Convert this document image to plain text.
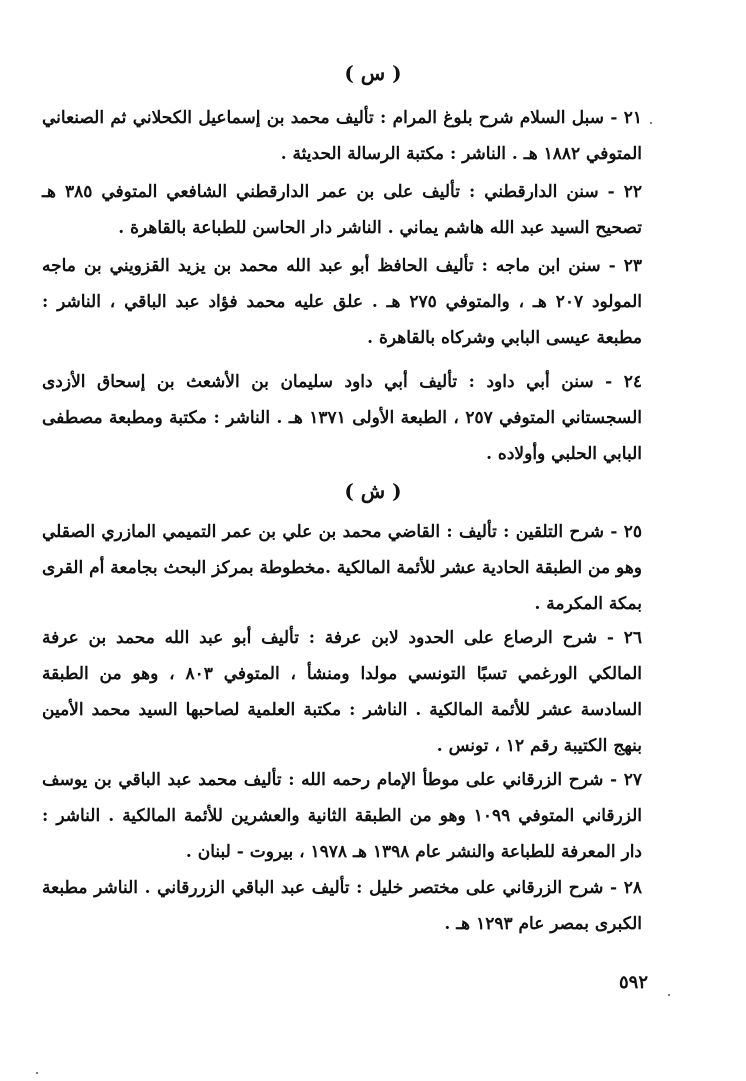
( س )
٢١ - سبل السلام شرح بلوغ المرام : تأليف محمد بن إسماعيل الكحلاني ثم الصنعاني المتوفي ١٨٨٢ هـ . الناشر : مكتبة الرسالة الحديثة .
٢٢ - سنن الدارقطني : تأليف على بن عمر الدارقطني الشافعي المتوفي ٣٨٥ هـ تصحيح السيد عبد الله هاشم يماني . الناشر دار الحاسن للطباعة بالقاهرة .
٢٣ - سنن ابن ماجه : تأليف الحافظ أبو عبد الله محمد بن يزيد القزويني بن ماجه المولود ٢٠٧ هـ ، والمتوفي ٢٧٥ هـ . علق عليه محمد فؤاد عبد الباقي ، الناشر : مطبعة عيسى البابي وشركاه بالقاهرة .
٢٤ - سنن أبي داود : تأليف أبي داود سليمان بن الأشعث بن إسحاق الأزدى السجستاني المتوفي ٢٥٧ ، الطبعة الأولى ١٣٧١ هـ . الناشر : مكتبة ومطبعة مصطفى البابي الحلبي وأولاده .
( ش )
٢٥ - شرح التلقين : تأليف : القاضي محمد بن علي بن عمر التميمي المازري الصقلي وهو من الطبقة الحادية عشر للأئمة المالكية .مخطوطة بمركز البحث بجامعة أم القرى بمكة المكرمة .
٢٦ - شرح الرصاع على الحدود لابن عرفة : تأليف أبو عبد الله محمد بن عرفة المالكي الورغمي تسبًا التونسي مولدا ومنشأ ، المتوفي ٨٠٣ ، وهو من الطبقة السادسة عشر للأئمة المالكية . الناشر : مكتبة العلمية لصاحبها السيد محمد الأمين بنهج الكتيبة رقم ١٢ ، تونس .
٢٧ - شرح الزرقاني على موطأ الإمام رحمه الله : تأليف محمد عبد الباقي بن يوسف الزرقاني المتوفي ١٠٩٩ وهو من الطبقة الثانية والعشرين للأئمة المالكية . الناشر : دار المعرفة للطباعة والنشر عام ١٣٩٨ هـ ١٩٧٨ ، بيروت - لبنان .
٢٨ - شرح الزرقاني على مختصر خليل : تأليف عبد الباقي الزررقاني . الناشر مطبعة الكبرى بمصر عام ١٢٩٣ هـ .
٥٩٢
